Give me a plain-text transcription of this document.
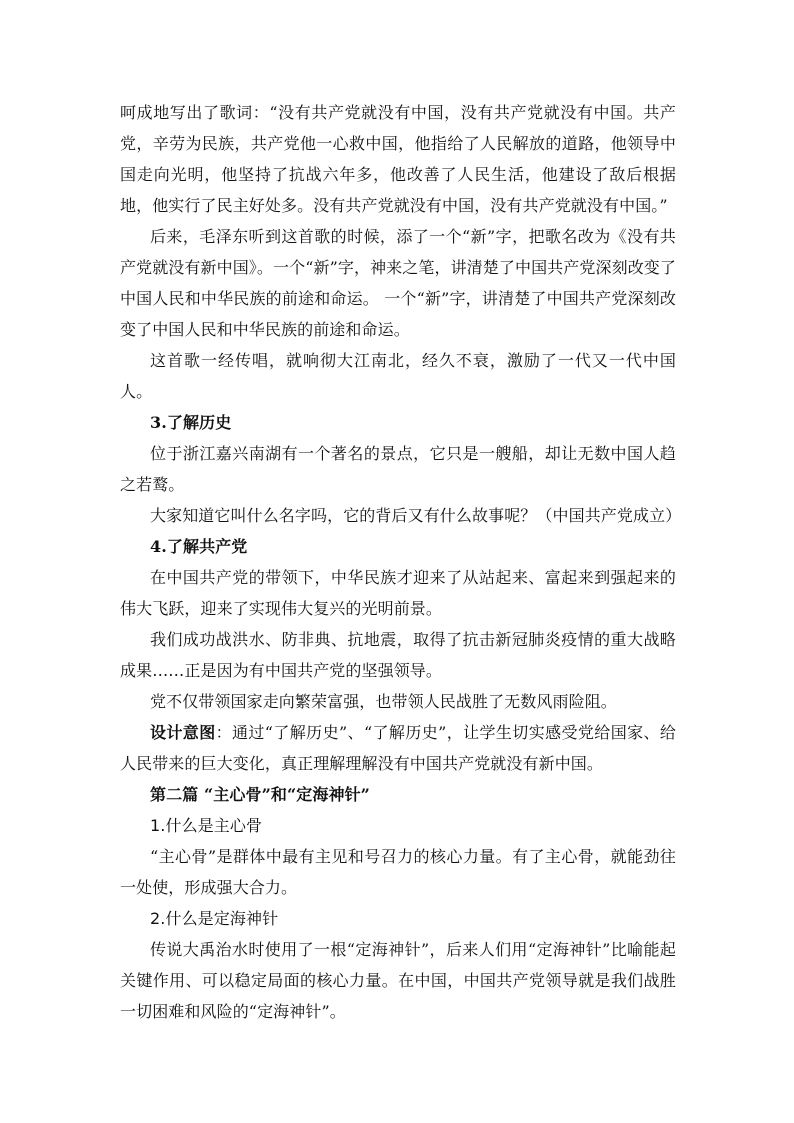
呵成地写出了歌词：“没有共产党就没有中国，没有共产党就没有中国。共产党，辛劳为民族，共产党他一心救中国，他指给了人民解放的道路，他领导中国走向光明，他坚持了抗战六年多，他改善了人民生活，他建设了敌后根据地，他实行了民主好处多。没有共产党就没有中国，没有共产党就没有中国。”

后来，毛泽东听到这首歌的时候，添了一个“新”字，把歌名改为《没有共产党就没有新中国》。一个“新”字，神来之笔，讲清楚了中国共产党深刻改变了中国人民和中华民族的前途和命运。 一个“新”字，讲清楚了中国共产党深刻改变了中国人民和中华民族的前途和命运。

这首歌一经传唱，就响彻大江南北，经久不衰，激励了一代又一代中国人。

3.了解历史

位于浙江嘉兴南湖有一个著名的景点，它只是一艘船，却让无数中国人趋之若鹜。

大家知道它叫什么名字吗，它的背后又有什么故事呢？（中国共产党成立）

4.了解共产党

在中国共产党的带领下，中华民族才迎来了从站起来、富起来到强起来的伟大飞跃，迎来了实现伟大复兴的光明前景。

我们成功战洪水、防非典、抗地震，取得了抗击新冠肺炎疫情的重大战略成果……正是因为有中国共产党的坚强领导。

党不仅带领国家走向繁荣富强，也带领人民战胜了无数风雨险阻。

设计意图：通过“了解历史”、“了解历史”，让学生切实感受党给国家、给人民带来的巨大变化，真正理解理解没有中国共产党就没有新中国。

第二篇 “主心骨”和“定海神针”

1.什么是主心骨

“主心骨”是群体中最有主见和号召力的核心力量。有了主心骨，就能劲往一处使，形成强大合力。

2.什么是定海神针

传说大禹治水时使用了一根“定海神针”，后来人们用“定海神针”比喻能起关键作用、可以稳定局面的核心力量。在中国，中国共产党领导就是我们战胜一切困难和风险的“定海神针”。
